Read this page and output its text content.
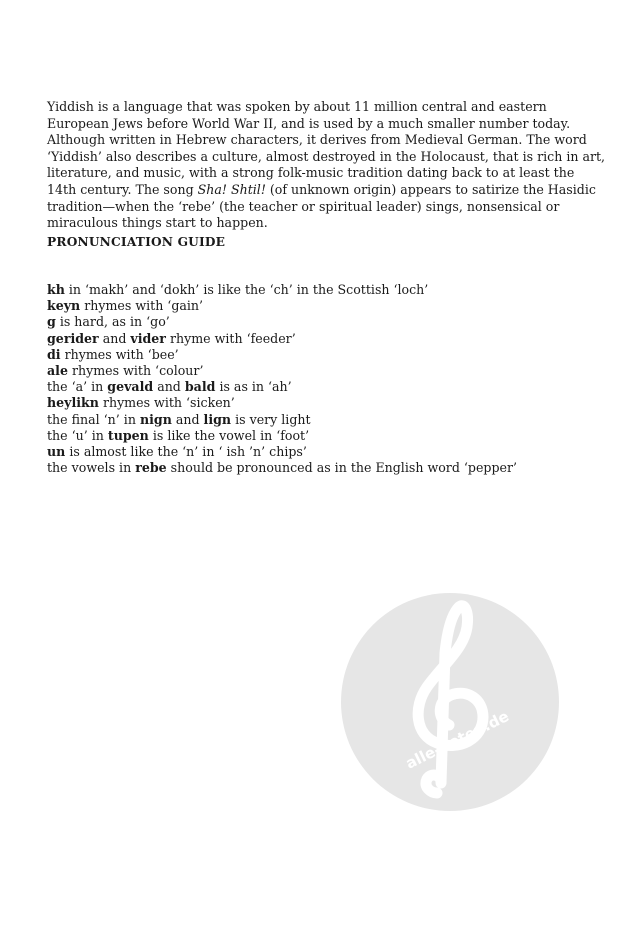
Yiddish is a language that was spoken by about 11 million central and eastern European Jews before World War II, and is used by a much smaller number today. Although written in Hebrew characters, it derives from Medieval German. The word ‘Yiddish’ also describes a culture, almost destroyed in the Holocaust, that is rich in art, literature, and music, with a strong folk-music tradition dating back to at least the 14th century. The song Sha! Shtil! (of unknown origin) appears to satirize the Hasidic tradition—when the ‘rebe’ (the teacher or spiritual leader) sings, nonsensical or miraculous things start to happen.

PRONUNCIATION GUIDE
kh in ‘makh’ and ‘dokh’ is like the ‘ch’ in the Scottish ‘loch’
keyn rhymes with ‘gain’
g is hard, as in ‘go’
gerider and vider rhyme with ‘feeder’
di rhymes with ‘bee’
ale rhymes with ‘colour’
the ‘a’ in gevald and bald is as in ‘ah’
heylikn rhymes with ‘sicken’
the final ‘n’ in nign and lign is very light
the ‘u’ in tupen is like the vowel in ‘foot’
un is almost like the ‘n’ in ‘ ish ’n’ chips’
the vowels in rebe should be pronounced as in the English word ‘pepper’
alle-noten.de
